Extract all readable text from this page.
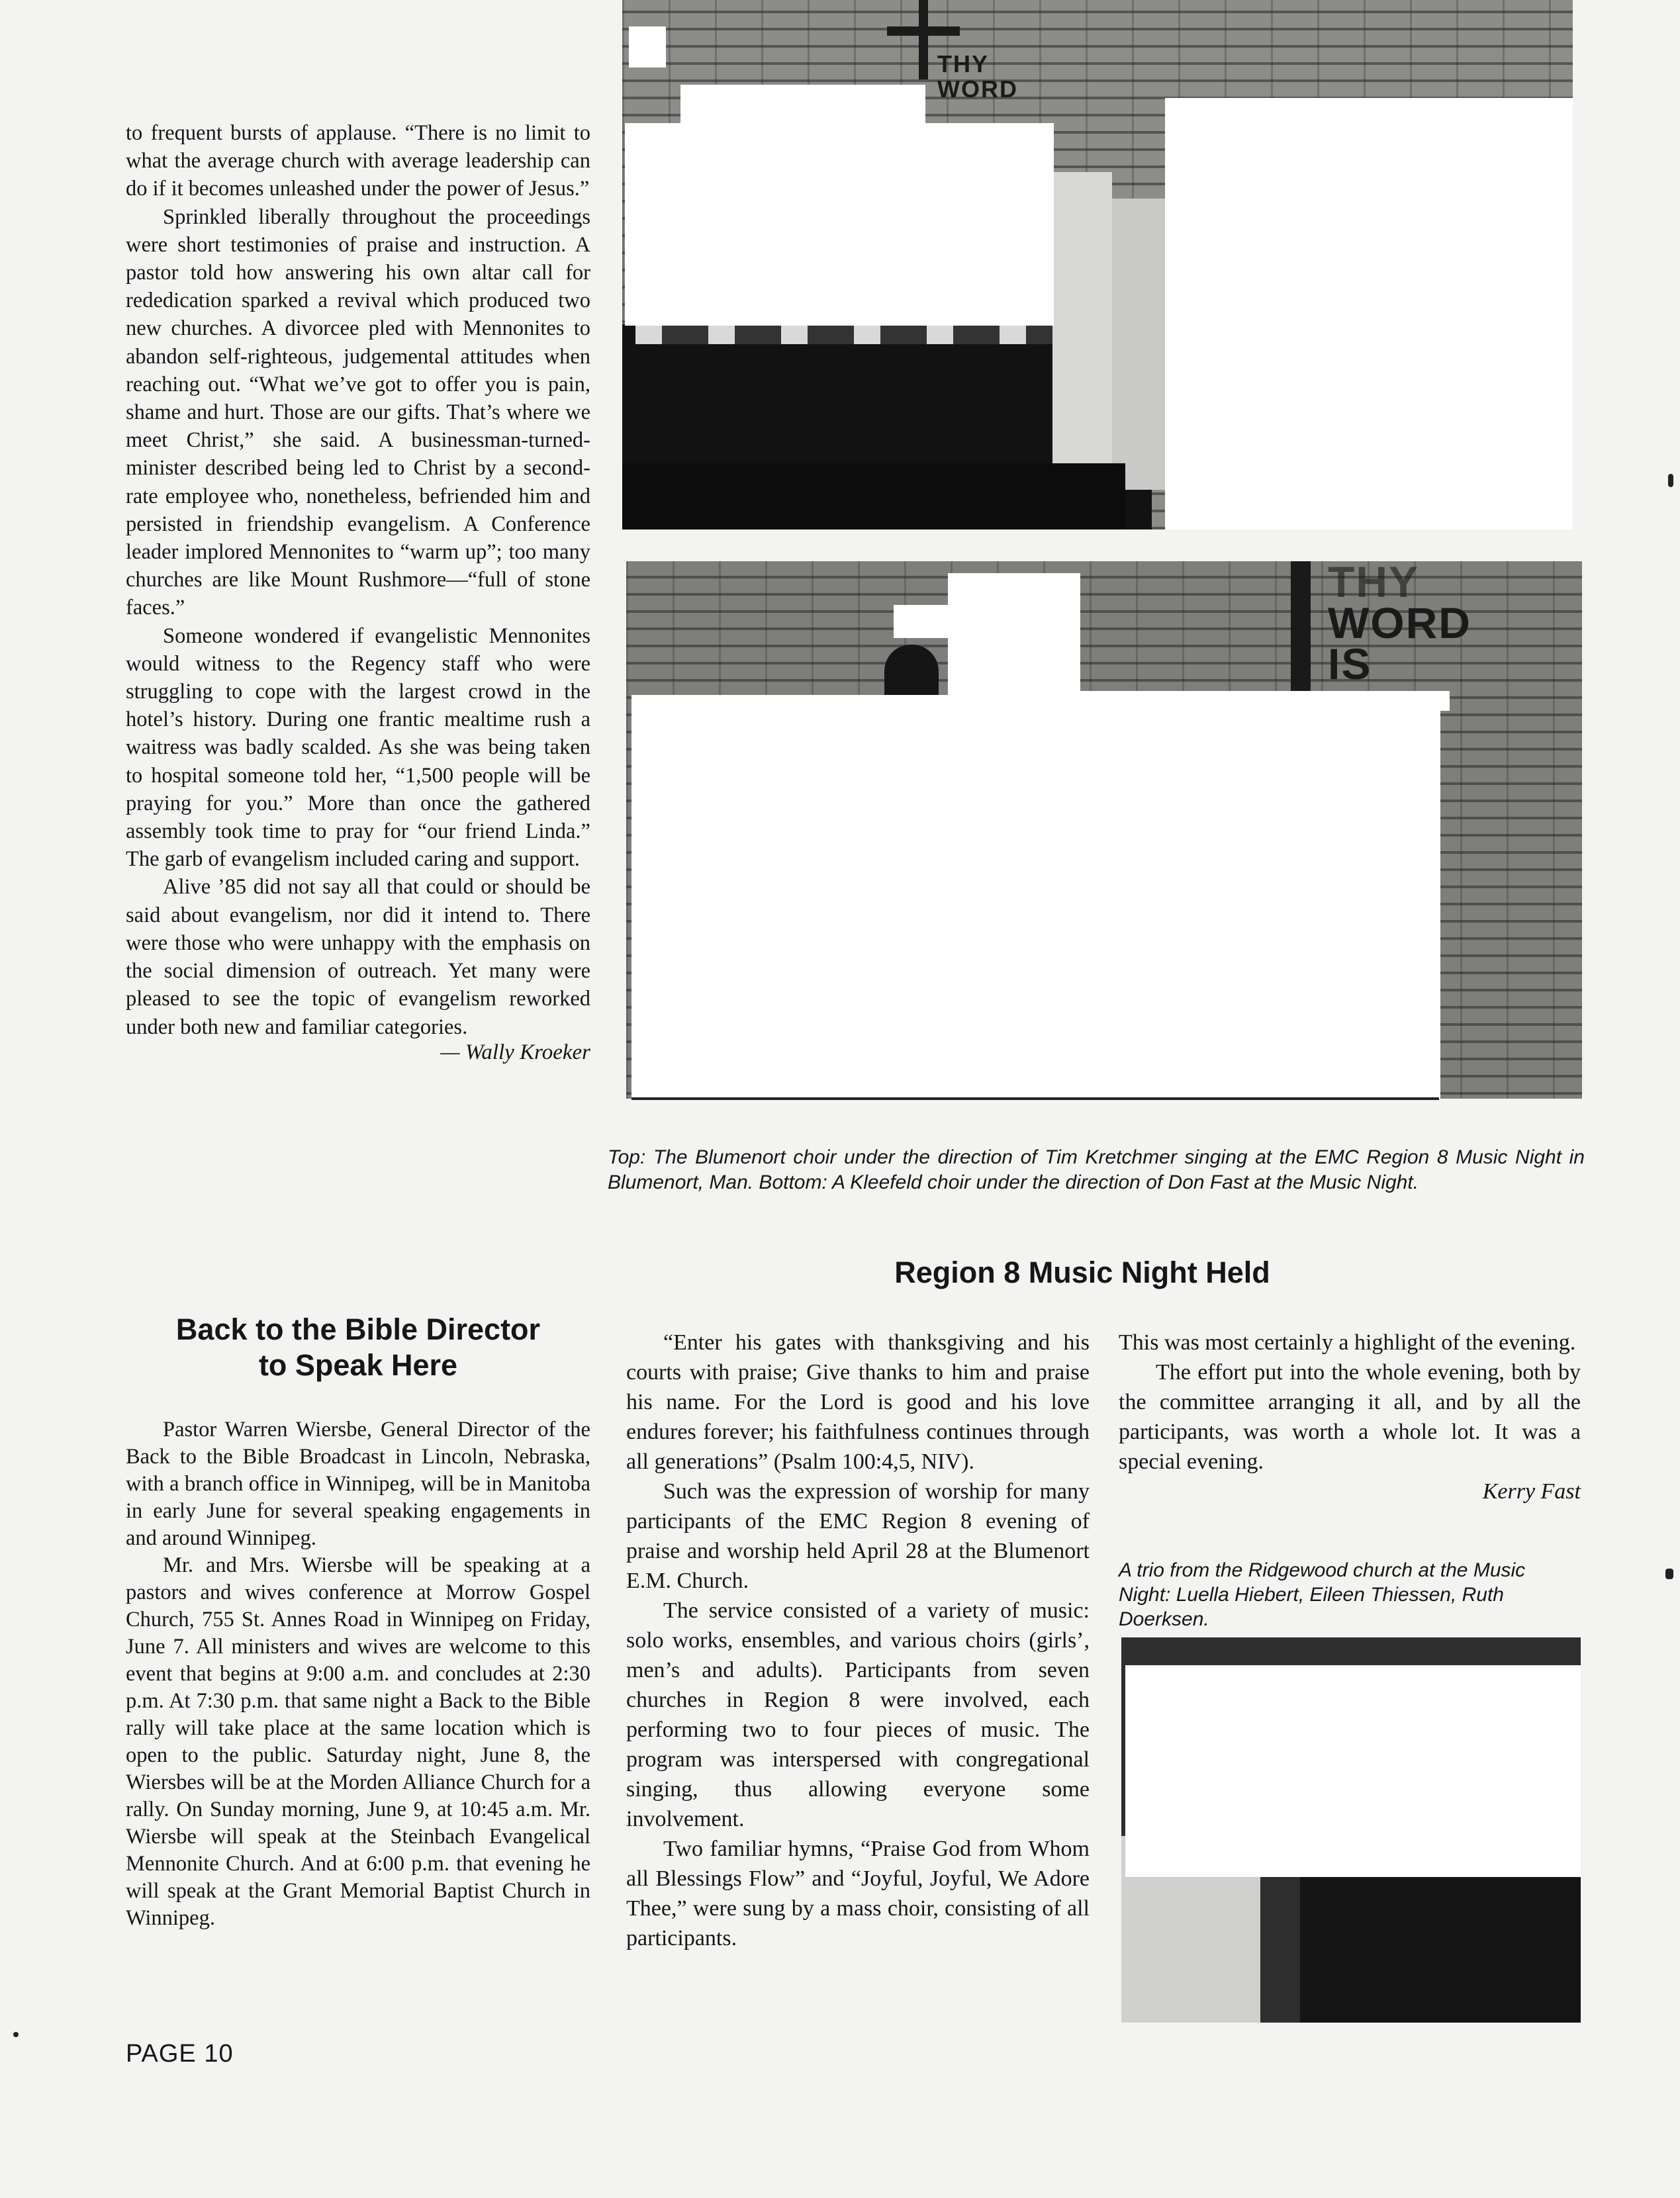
to frequent bursts of applause. “There is no limit to what the average church with average leadership can do if it becomes unleashed under the power of Jesus.”

Sprinkled liberally throughout the proceedings were short testimonies of praise and instruction. A pastor told how answering his own altar call for rededication sparked a revival which produced two new churches. A divorcee pled with Mennonites to abandon self-righteous, judgemental attitudes when reaching out. “What we’ve got to offer you is pain, shame and hurt. Those are our gifts. That’s where we meet Christ,” she said. A businessman-turned-minister described being led to Christ by a second-rate employee who, nonetheless, befriended him and persisted in friendship evangelism. A Conference leader implored Mennonites to “warm up”; too many churches are like Mount Rushmore—“full of stone faces.”

Someone wondered if evangelistic Mennonites would witness to the Regency staff who were struggling to cope with the largest crowd in the hotel’s history. During one frantic mealtime rush a waitress was badly scalded. As she was being taken to hospital someone told her, “1,500 people will be praying for you.” More than once the gathered assembly took time to pray for “our friend Linda.” The garb of evangelism included caring and support.

Alive ’85 did not say all that could or should be said about evangelism, nor did it intend to. There were those who were unhappy with the emphasis on the social dimension of outreach. Yet many were pleased to see the topic of evangelism reworked under both new and familiar categories.

— Wally Kroeker
THY
WORD
THY
WORD
IS
Top: The Blumenort choir under the direction of Tim Kretchmer singing at the EMC Region 8 Music Night in Blumenort, Man. Bottom: A Kleefeld choir under the direction of Don Fast at the Music Night.
Region 8 Music Night Held
Back to the Bible Director
to Speak Here

Pastor Warren Wiersbe, General Director of the Back to the Bible Broadcast in Lincoln, Nebraska, with a branch office in Winnipeg, will be in Manitoba in early June for several speaking engagements in and around Winnipeg.

Mr. and Mrs. Wiersbe will be speaking at a pastors and wives conference at Morrow Gospel Church, 755 St. Annes Road in Winnipeg on Friday, June 7. All ministers and wives are welcome to this event that begins at 9:00 a.m. and concludes at 2:30 p.m. At 7:30 p.m. that same night a Back to the Bible rally will take place at the same location which is open to the public. Saturday night, June 8, the Wiersbes will be at the Morden Alliance Church for a rally. On Sunday morning, June 9, at 10:45 a.m. Mr. Wiersbe will speak at the Steinbach Evangelical Mennonite Church. And at 6:00 p.m. that evening he will speak at the Grant Memorial Baptist Church in Winnipeg.

“Enter his gates with thanksgiving and his courts with praise; Give thanks to him and praise his name. For the Lord is good and his love endures forever; his faithfulness continues through all generations” (Psalm 100:4,5, NIV).

Such was the expression of worship for many participants of the EMC Region 8 evening of praise and worship held April 28 at the Blumenort E.M. Church.

The service consisted of a variety of music: solo works, ensembles, and various choirs (girls’, men’s and adults). Participants from seven churches in Region 8 were involved, each performing two to four pieces of music. The program was interspersed with congregational singing, thus allowing everyone some involvement.

Two familiar hymns, “Praise God from Whom all Blessings Flow” and “Joyful, Joyful, We Adore Thee,” were sung by a mass choir, consisting of all participants.

This was most certainly a highlight of the evening.

The effort put into the whole evening, both by the committee arranging it all, and by all the participants, was worth a whole lot. It was a special evening.

Kerry Fast
A trio from the Ridgewood church at the Music Night: Luella Hiebert, Eileen Thiessen, Ruth Doerksen.
PAGE 10
